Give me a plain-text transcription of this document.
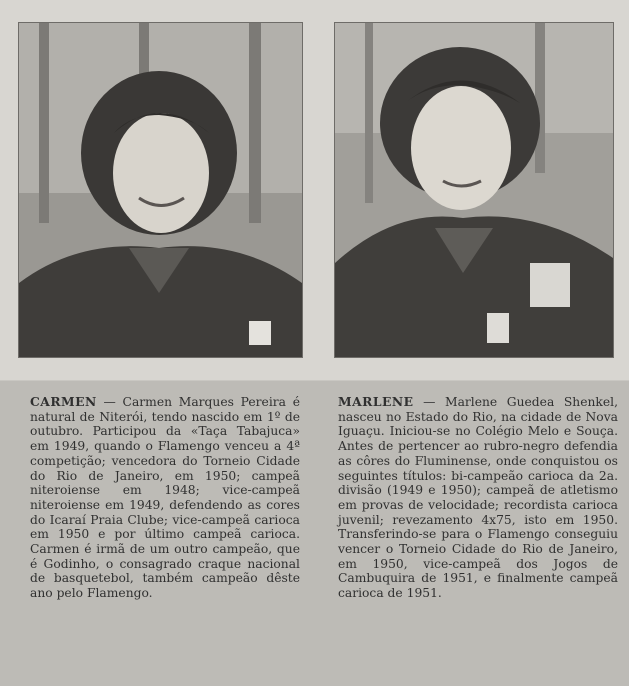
CARMEN — Carmen Marques Pereira é natural de Niterói, tendo nascido em 1º de outubro. Participou da «Taça Tabajuca» em 1949, quando o Flamengo venceu a 4ª competição; vencedora do Torneio Cidade do Rio de Janeiro, em 1950; campeã niteroiense em 1948; vice-campeã niteroiense em 1949, defendendo as cores do Icaraí Praia Clube; vice-campeã carioca em 1950 e por último campeã carioca. Carmen é irmã de um outro campeão, que é Godinho, o consagrado craque nacional de basquetebol, também campeão dêste ano pelo Flamengo.

MARLENE — Marlene Guedea Shenkel, nasceu no Estado do Rio, na cidade de Nova Iguaçu. Iniciou-se no Colégio Melo e Souça. Antes de pertencer ao rubro-negro defendia as côres do Fluminense, onde conquistou os seguintes títulos: bi-campeão carioca da 2a. divisão (1949 e 1950); campeã de atletismo em provas de velocidade; recordista carioca juvenil; revezamento 4x75, isto em 1950. Transferindo-se para o Flamengo conseguiu vencer o Torneio Cidade do Rio de Janeiro, em 1950, vice-campeã dos Jogos de Cambuquira de 1951, e finalmente campeã carioca de 1951.
